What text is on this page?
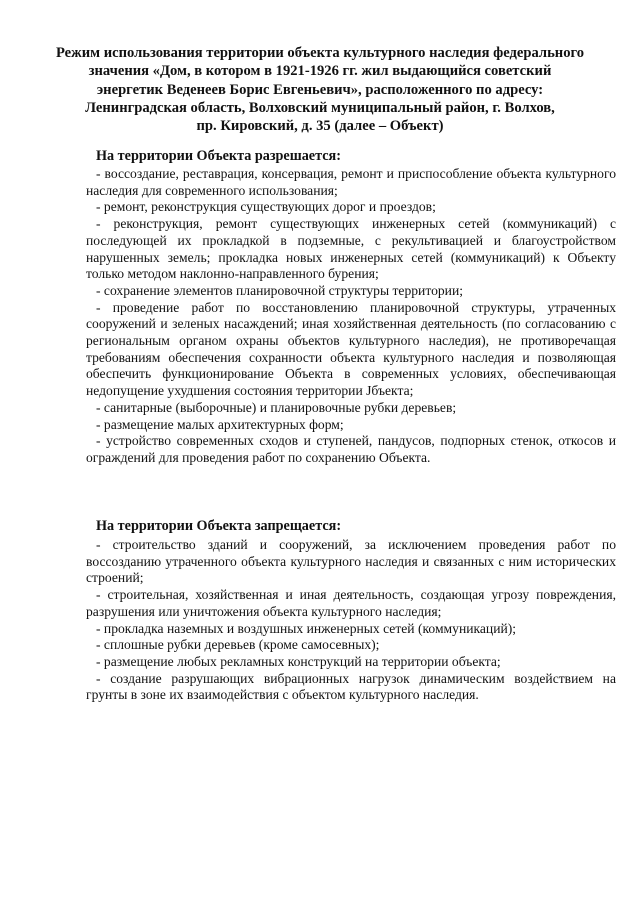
Режим использования территории объекта культурного наследия федерального
значения «Дом, в котором в 1921-1926 гг. жил выдающийся советский
энергетик Веденеев Борис Евгеньевич», расположенного по адресу:
Ленинградская область, Волховский муниципальный район, г. Волхов,
пр. Кировский, д. 35 (далее – Объект)
На территории Объекта разрешается:

- воссоздание, реставрация, консервация, ремонт и приспособление объекта культурного наследия для современного использования;

- ремонт, реконструкция существующих дорог и проездов;

- реконструкция, ремонт существующих инженерных сетей (коммуникаций) с последующей их прокладкой в подземные, с рекультивацией и благоустройством нарушенных земель; прокладка новых инженерных сетей (коммуникаций) к Объекту только методом наклонно-направленного бурения;

- сохранение элементов планировочной структуры территории;

- проведение работ по восстановлению планировочной структуры, утраченных сооружений и зеленых насаждений; иная хозяйственная деятельность (по согласованию с региональным органом охраны объектов культурного наследия), не противоречащая требованиям обеспечения сохранности объекта культурного наследия и позволяющая обеспечить функционирование Объекта в современных условиях, обеспечивающая недопущение ухудшения состояния территории Jбъекта;

- санитарные (выборочные) и планировочные рубки деревьев;

- размещение малых архитектурных форм;

- устройство современных сходов и ступеней, пандусов, подпорных стенок, откосов и ограждений для проведения работ по сохранению Объекта.

На территории Объекта запрещается:

- строительство зданий и сооружений, за исключением проведения работ по воссозданию утраченного объекта культурного наследия и связанных с ним исторических строений;

- строительная, хозяйственная и иная деятельность, создающая угрозу повреждения, разрушения или уничтожения объекта культурного наследия;

- прокладка наземных и воздушных инженерных сетей (коммуникаций);

- сплошные рубки деревьев (кроме самосевных);

- размещение любых рекламных конструкций на территории объекта;

- создание разрушающих вибрационных нагрузок динамическим воздействием на грунты в зоне их взаимодействия с объектом культурного наследия.
